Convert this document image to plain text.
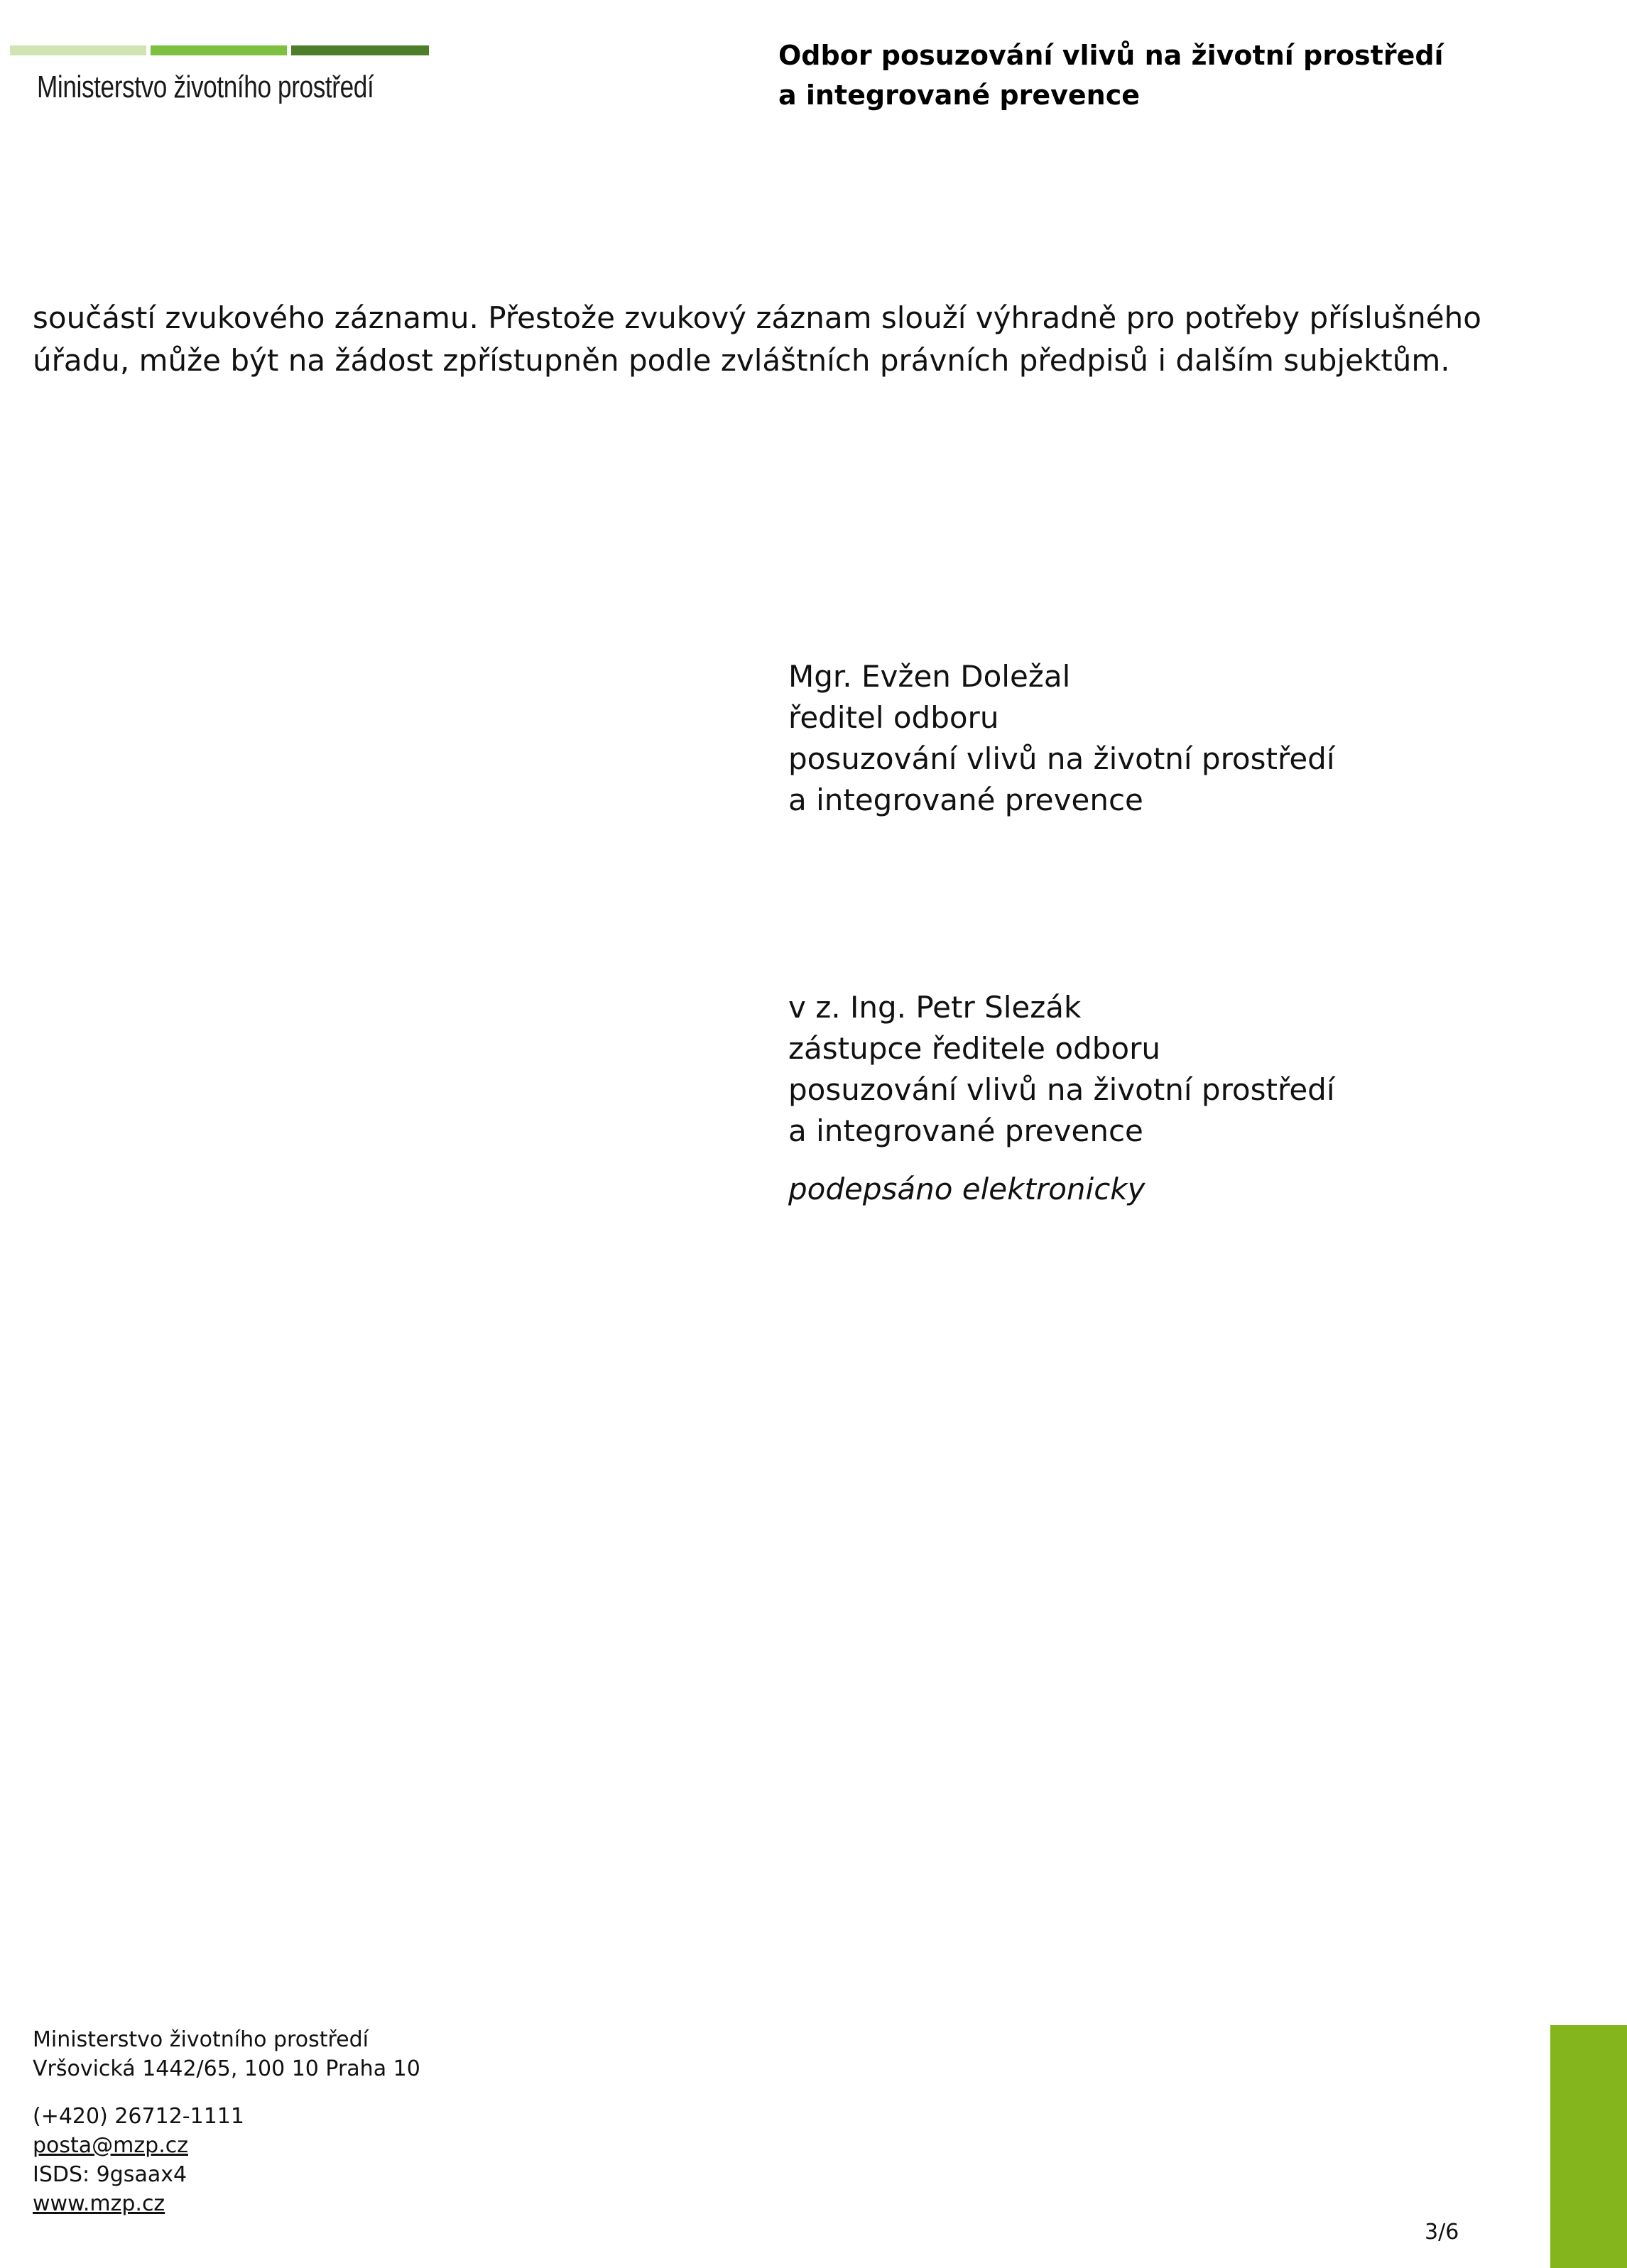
Ministerstvo životního prostředí
Odbor posuzování vlivů na životní prostředí
a integrované prevence
součástí zvukového záznamu. Přestože zvukový záznam slouží výhradně pro potřeby příslušného
úřadu, může být na žádost zpřístupněn podle zvláštních právních předpisů i dalším subjektům.
Mgr. Evžen Doležal
ředitel odboru
posuzování vlivů na životní prostředí
a integrované prevence
v z. Ing. Petr Slezák
zástupce ředitele odboru
posuzování vlivů na životní prostředí
a integrované prevence
podepsáno elektronicky
Ministerstvo životního prostředí
Vršovická 1442/65, 100 10 Praha 10
(+420) 26712-1111
posta@mzp.cz
ISDS: 9gsaax4
www.mzp.cz
3/6
